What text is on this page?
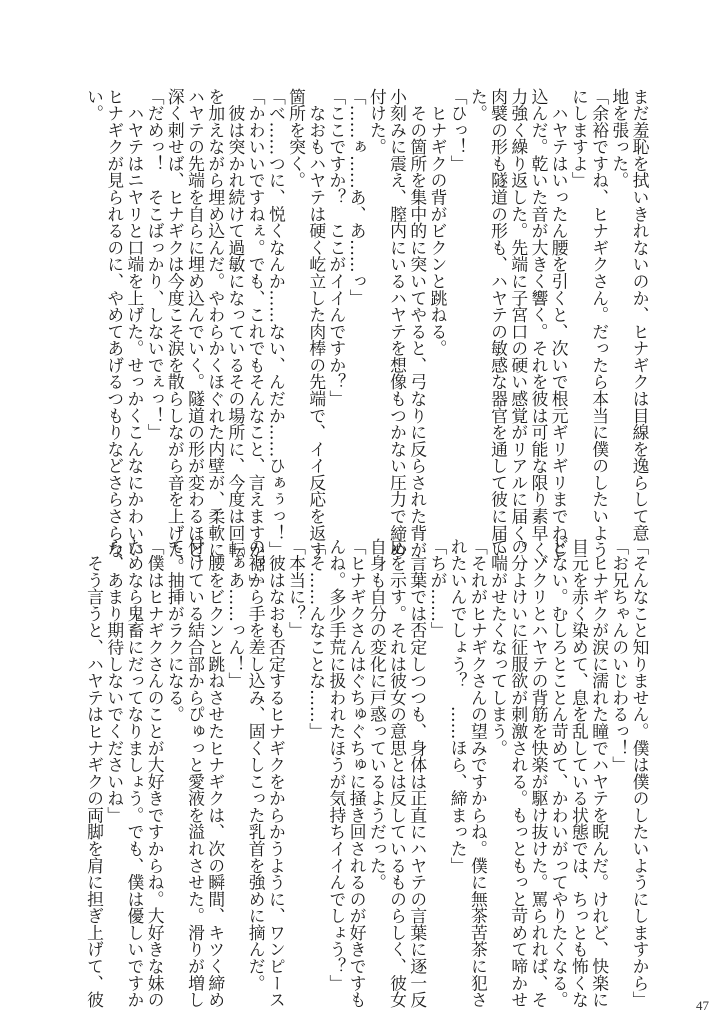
まだ羞恥を拭いきれないのか、ヒナギクは目線を逸らして意
地を張った。
「余裕ですね、ヒナギクさん。だったら本当に僕のしたいよう
にしますよ」
　ハヤテはいったん腰を引くと、次いで根元ギリギリまでねじ
込んだ。乾いた音が大きく響く。それを彼は可能な限り素早く、
力強く繰り返した。先端に子宮口の硬い感覚がリアルに届く。
肉襞の形も隧道の形も、ハヤテの敏感な器官を通して彼に届い
た。
「ひっ！」
　ヒナギクの背がビクンと跳ねる。
　その箇所を集中的に突いてやると、弓なりに反らされた背が
小刻みに震え、膣内にいるハヤテを想像もつかない圧力で締め
付けた。
「……ぁ……あ、あ……っ」
「ここですか？　ここがイイんですか？」
　なおもハヤテは硬く屹立した肉棒の先端で、イイ反応を返す
箇所を突く。
「べ……つに、悦くなんか……ない、んだか……ひぁぅっ！」
「かわいいですねぇ。でも、これでもそんなこと、言えますか？」
　彼は突かれ続けて過敏になっているその場所に、今度は回転
を加えながら埋め込んだ。やわらかくほぐれた内壁が、柔軟に
ハヤテの先端を自らに埋め込んでいく。隧道の形が変わるほど
深く刺せば、ヒナギクは今度こそ涙を散らしながら音を上げた。
「だめっ！　そこばっかり、しないでぇっ！」
　ハヤテはニヤリと口端を上げた。せっかくこんなにかわいい
ヒナギクが見られるのに、やめてあげるつもりなどさらさらな
い。
「そんなこと知りません。僕は僕のしたいようにしますから」
「お兄ちゃんのいじわるっ！」
　ヒナギクが涙に濡れた瞳でハヤテを睨んだ。けれど、快楽に
目元を赤く染めて、息を乱している状態では、ちっとも怖くな
どない。むしろとことん苛めて、かわいがってやりたくなる。
　ゾクリとハヤテの背筋を快楽が駆け抜けた。罵られれば、そ
の分よけいに征服欲が刺激される。もっともっと苛めて啼かせ
て喘がせたくなってしまう。
「それがヒナギクさんの望みですからね。僕に無茶苦茶に犯さ
れたいんでしょう？　……ほら、締まった」
「ちが……」
　言葉では否定しつつも、身体は正直にハヤテの言葉に逐一反
応を示す。それは彼女の意思とは反しているものらしく、彼女
自身も自分の変化に戸惑っているようだった。
「ヒナギクさんはぐちゅぐちゅに掻き回されるのが好きですも
んね。多少手荒に扱われたほうが気持ちイイんでしょう？」
「そ……んなことな……」
「本当に？」
　彼はなおも否定するヒナギクをからかうように、ワンピース
の裾から手を差し込み、固くしこった乳首を強めに摘んだ。
「ぁあ……っん！」
　腰をビクンと跳ねさせたヒナギクは、次の瞬間、キツく締め
付けている結合部からぴゅっと愛液を溢れさせた。滑りが増し
て、抽挿がラクになる。
「僕はヒナギクさんのことが大好きですからね。大好きな妹の
ためなら鬼畜にだってなりましょう。でも、僕は優しいですか
ら、あまり期待しないでくださいね」
　そう言うと、ハヤテはヒナギクの両脚を肩に担ぎ上げて、彼	47
